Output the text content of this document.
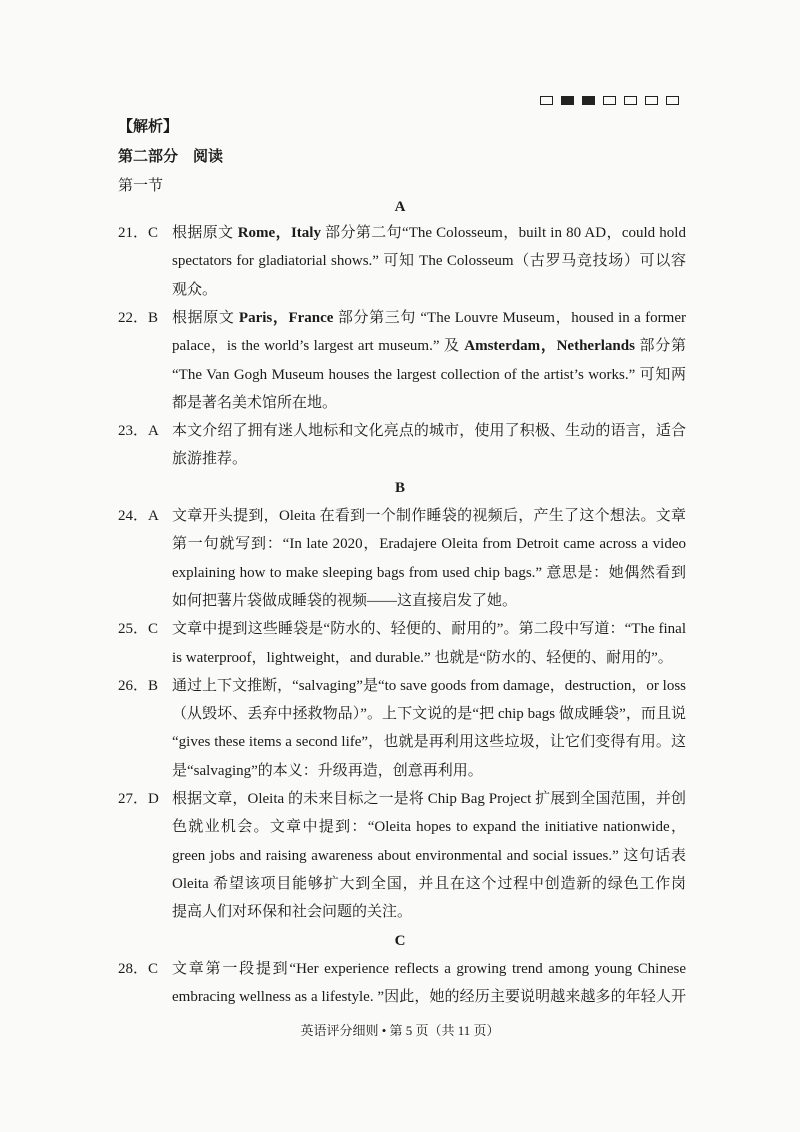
【解析】
第二部分　阅读
第一节
A
21．C 根据原文 Rome，Italy 部分第二句“The Colosseum，built in 80 AD，could hold
spectators for gladiatorial shows.” 可知 The Colosseum（古罗马竞技场）可以容
观众。
22．B 根据原文 Paris，France 部分第三句 “The Louvre Museum，housed in a former
palace，is the world’s largest art museum.” 及 Amsterdam，Netherlands 部分第
“The Van Gogh Museum houses the largest collection of the artist’s works.” 可知两
都是著名美术馆所在地。
23．A 本文介绍了拥有迷人地标和文化亮点的城市，使用了积极、生动的语言，适合
旅游推荐。
B
24．A 文章开头提到，Oleita 在看到一个制作睡袋的视频后，产生了这个想法。文章
第一句就写到：“In late 2020，Eradajere Oleita from Detroit came across a video
explaining how to make sleeping bags from used chip bags.” 意思是：她偶然看到
如何把薯片袋做成睡袋的视频——这直接启发了她。
25．C 文章中提到这些睡袋是“防水的、轻便的、耐用的”。第二段中写道：“The final
is waterproof，lightweight，and durable.” 也就是“防水的、轻便的、耐用的”。
26．B 通过上下文推断，“salvaging”是“to save goods from damage，destruction，or loss
（从毁坏、丢弃中拯救物品）”。上下文说的是“把 chip bags 做成睡袋”，而且说
“gives these items a second life”，也就是再利用这些垃圾，让它们变得有用。这
是“salvaging”的本义：升级再造，创意再利用。
27．D 根据文章，Oleita 的未来目标之一是将 Chip Bag Project 扩展到全国范围，并创
色就业机会。文章中提到：“Oleita hopes to expand the initiative nationwide，
green jobs and raising awareness about environmental and social issues.” 这句话表
Oleita 希望该项目能够扩大到全国，并且在这个过程中创造新的绿色工作岗
提高人们对环保和社会问题的关注。
C
28．C 文章第一段提到“Her experience reflects a growing trend among young Chinese
embracing wellness as a lifestyle. ”因此，她的经历主要说明越来越多的年轻人开
英语评分细则 • 第 5 页（共 11 页）
